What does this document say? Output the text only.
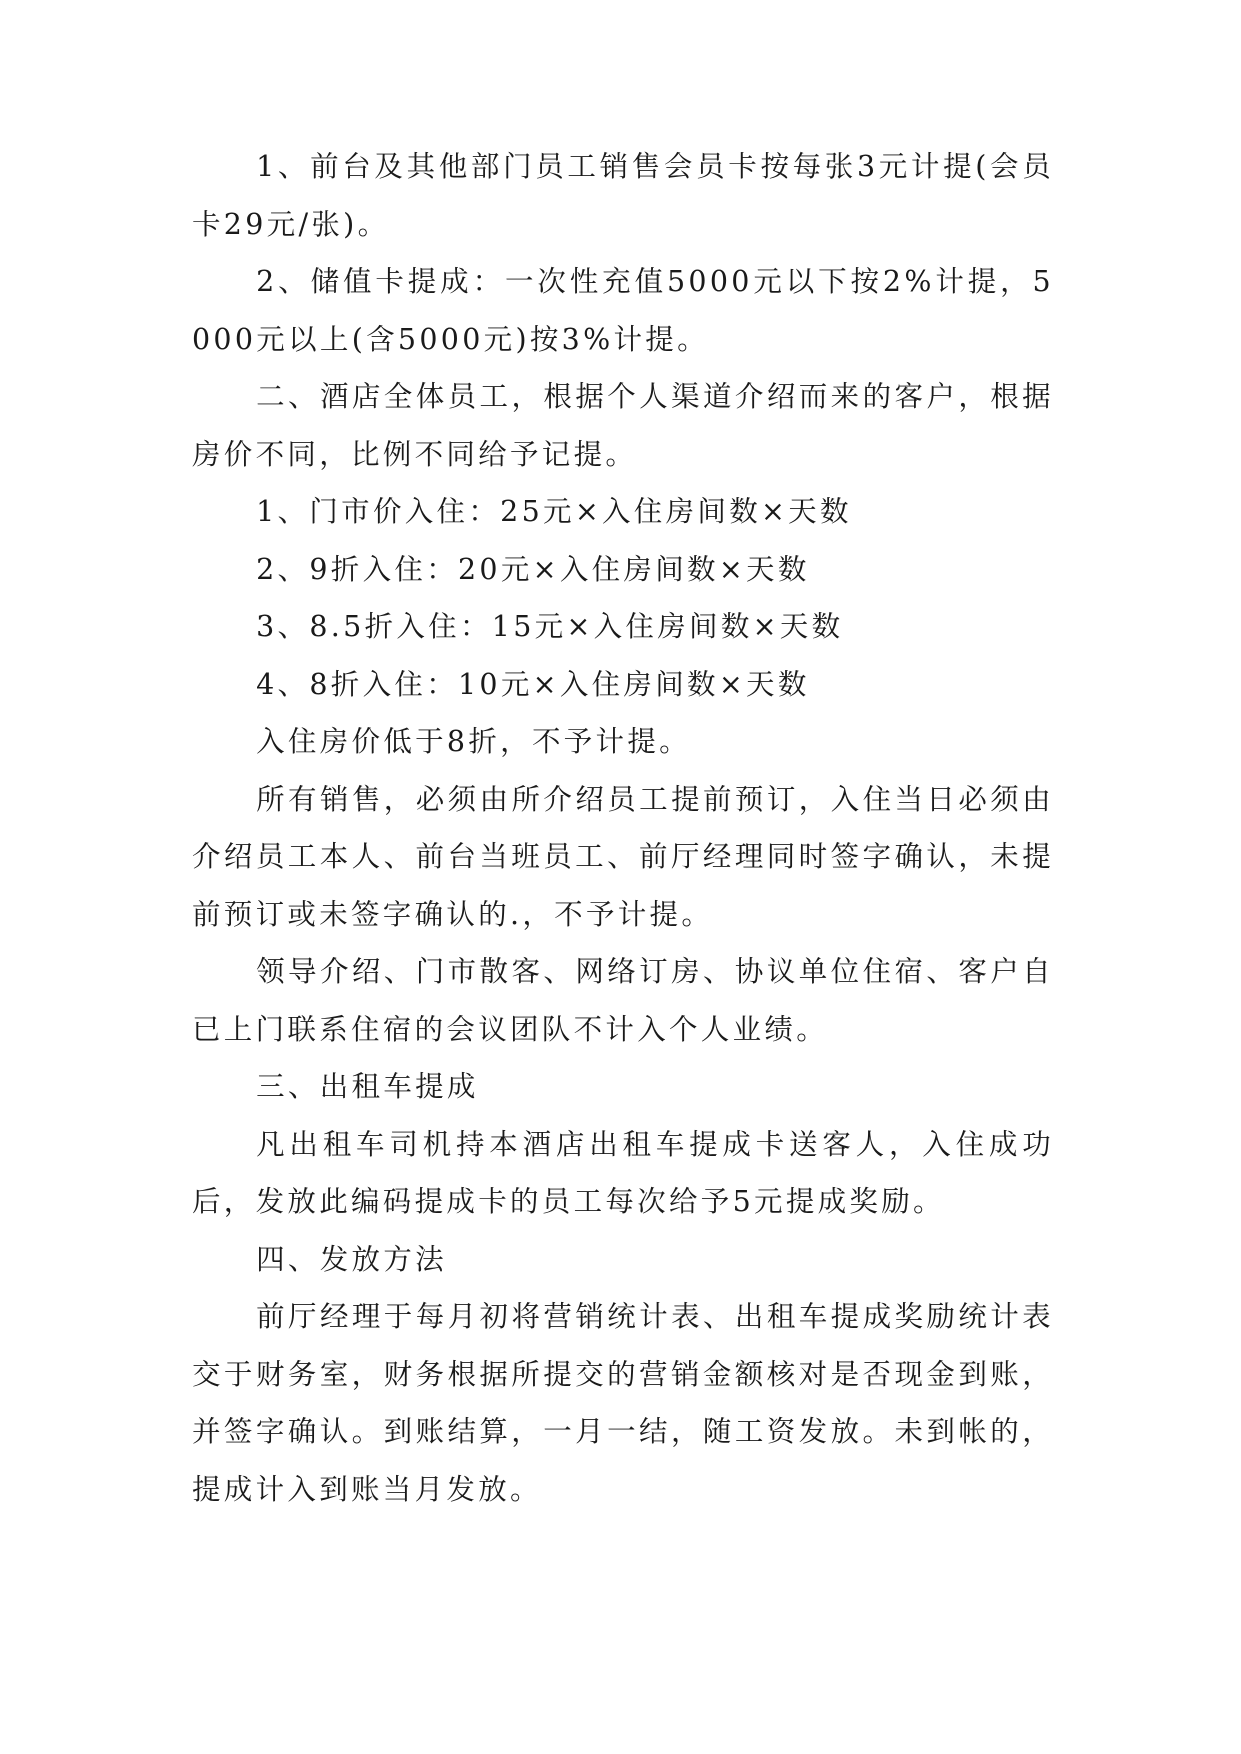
1、前台及其他部门员工销售会员卡按每张3元计提(会员卡29元/张)。

2、储值卡提成：一次性充值5000元以下按2%计提，5000元以上(含5000元)按3%计提。

二、酒店全体员工，根据个人渠道介绍而来的客户，根据房价不同，比例不同给予记提。

1、门市价入住：25元×入住房间数×天数

2、9折入住：20元×入住房间数×天数

3、8.5折入住：15元×入住房间数×天数

4、8折入住：10元×入住房间数×天数

入住房价低于8折，不予计提。

所有销售，必须由所介绍员工提前预订，入住当日必须由介绍员工本人、前台当班员工、前厅经理同时签字确认，未提前预订或未签字确认的.，不予计提。

领导介绍、门市散客、网络订房、协议单位住宿、客户自已上门联系住宿的会议团队不计入个人业绩。

三、出租车提成

凡出租车司机持本酒店出租车提成卡送客人，入住成功后，发放此编码提成卡的员工每次给予5元提成奖励。

四、发放方法

前厅经理于每月初将营销统计表、出租车提成奖励统计表交于财务室，财务根据所提交的营销金额核对是否现金到账，并签字确认。到账结算，一月一结，随工资发放。未到帐的，提成计入到账当月发放。
